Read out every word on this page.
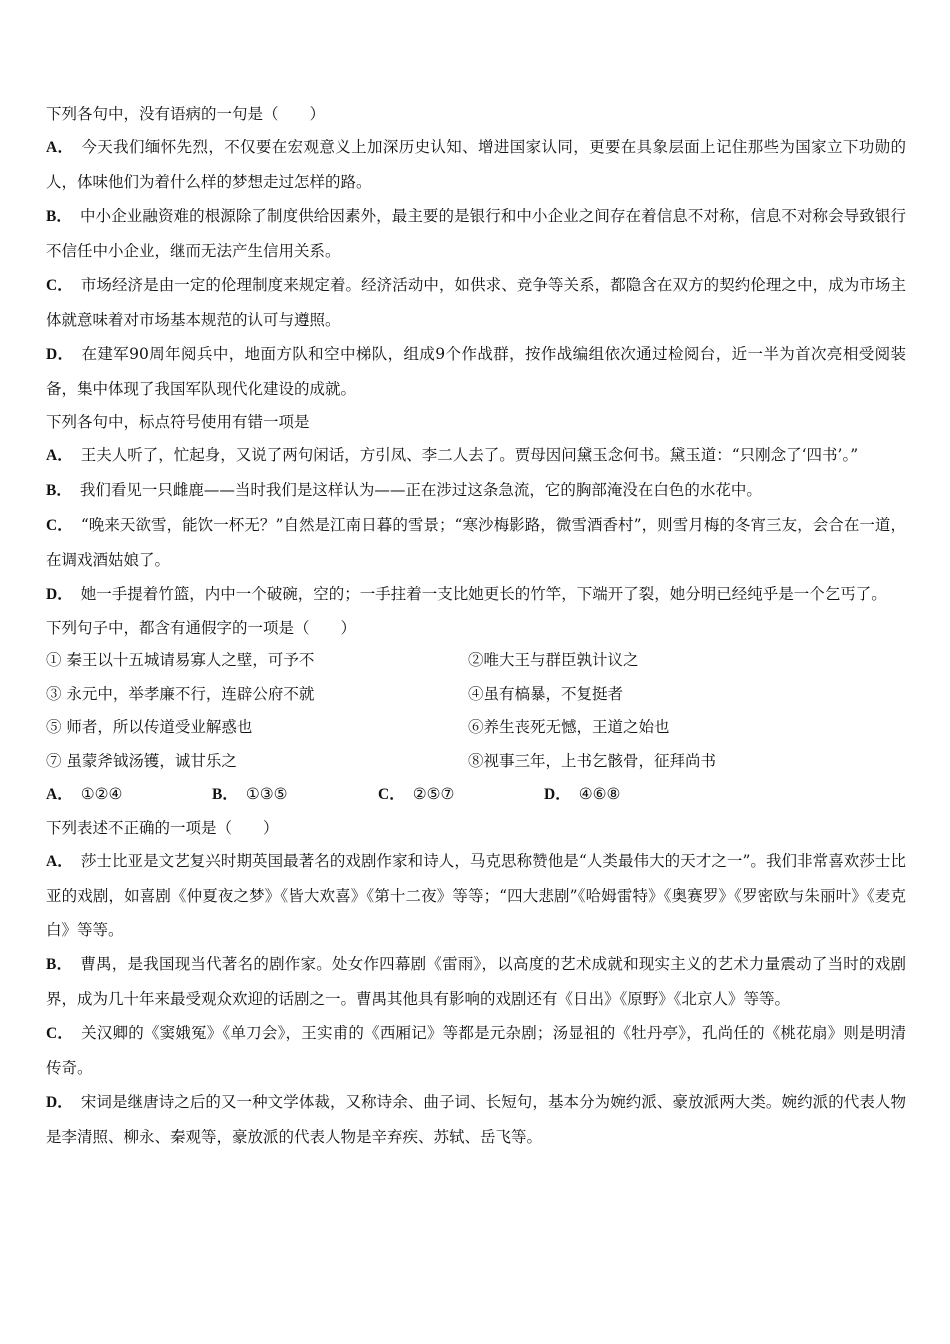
下列各句中，没有语病的一句是（　　）
A． 今天我们缅怀先烈，不仅要在宏观意义上加深历史认知、增进国家认同，更要在具象层面上记住那些为国家立下功勋的人，体味他们为着什么样的梦想走过怎样的路。
B． 中小企业融资难的根源除了制度供给因素外，最主要的是银行和中小企业之间存在着信息不对称，信息不对称会导致银行不信任中小企业，继而无法产生信用关系。
C． 市场经济是由一定的伦理制度来规定着。经济活动中，如供求、竞争等关系，都隐含在双方的契约伦理之中，成为市场主体就意味着对市场基本规范的认可与遵照。
D． 在建军90周年阅兵中，地面方队和空中梯队，组成9个作战群，按作战编组依次通过检阅台，近一半为首次亮相受阅装备，集中体现了我国军队现代化建设的成就。
下列各句中，标点符号使用有错一项是
A． 王夫人听了，忙起身，又说了两句闲话，方引凤、李二人去了。贾母因问黛玉念何书。黛玉道：“只刚念了‘四书’。”
B． 我们看见一只雌鹿——当时我们是这样认为——正在涉过这条急流，它的胸部淹没在白色的水花中。
C． “晚来天欲雪，能饮一杯无？”自然是江南日暮的雪景；“寒沙梅影路，微雪酒香村”，则雪月梅的冬宵三友，会合在一道，在调戏酒姑娘了。
D． 她一手提着竹篮，内中一个破碗，空的；一手拄着一支比她更长的竹竿，下端开了裂，她分明已经纯乎是一个乞丐了。
下列句子中，都含有通假字的一项是（　　）
① 秦王以十五城请易寡人之壁，可予不	②唯大王与群臣孰计议之
③ 永元中，举孝廉不行，连辟公府不就	④虽有槁暴，不复挺者
⑤ 师者，所以传道受业解惑也	⑥养生丧死无憾，王道之始也
⑦ 虽蒙斧钺汤镬，诚甘乐之	⑧视事三年，上书乞骸骨，征拜尚书
A． ①②④	B． ①③⑤	C． ②⑤⑦	D． ④⑥⑧
下列表述不正确的一项是（　　）
A． 莎士比亚是文艺复兴时期英国最著名的戏剧作家和诗人，马克思称赞他是“人类最伟大的天才之一”。我们非常喜欢莎士比亚的戏剧，如喜剧《仲夏夜之梦》《皆大欢喜》《第十二夜》等等；“四大悲剧”《哈姆雷特》《奥赛罗》《罗密欧与朱丽叶》《麦克白》等等。
B． 曹禺，是我国现当代著名的剧作家。处女作四幕剧《雷雨》，以高度的艺术成就和现实主义的艺术力量震动了当时的戏剧界，成为几十年来最受观众欢迎的话剧之一。曹禺其他具有影响的戏剧还有《日出》《原野》《北京人》等等。
C． 关汉卿的《窦娥冤》《单刀会》，王实甫的《西厢记》等都是元杂剧；汤显祖的《牡丹亭》，孔尚任的《桃花扇》则是明清传奇。
D． 宋词是继唐诗之后的又一种文学体裁，又称诗余、曲子词、长短句，基本分为婉约派、豪放派两大类。婉约派的代表人物是李清照、柳永、秦观等，豪放派的代表人物是辛弃疾、苏轼、岳飞等。
